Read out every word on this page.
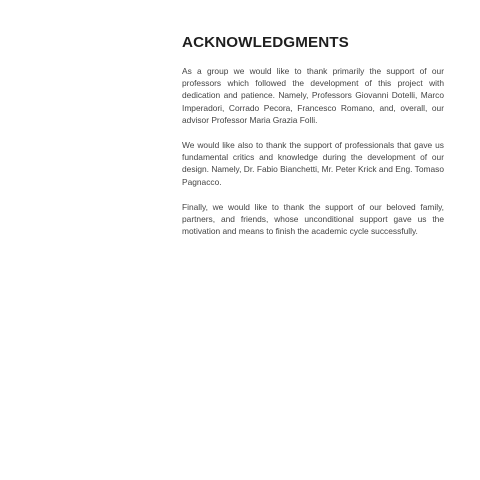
ACKNOWLEDGMENTS

As a group we would like to thank primarily the support of our professors which followed the development of this project with dedication and patience. Namely, Professors Giovanni Dotelli, Marco Imperadori, Corrado Pecora, Francesco Romano, and, overall, our advisor Professor Maria Grazia Folli.

We would like also to thank the support of professionals that gave us fundamental critics and knowledge during the development of our design. Namely, Dr. Fabio Bianchetti, Mr. Peter Krick and Eng. Tomaso Pagnacco.

Finally, we would like to thank the support of our beloved family, partners, and friends, whose unconditional support gave us the motivation and means to finish the academic cycle successfully.
